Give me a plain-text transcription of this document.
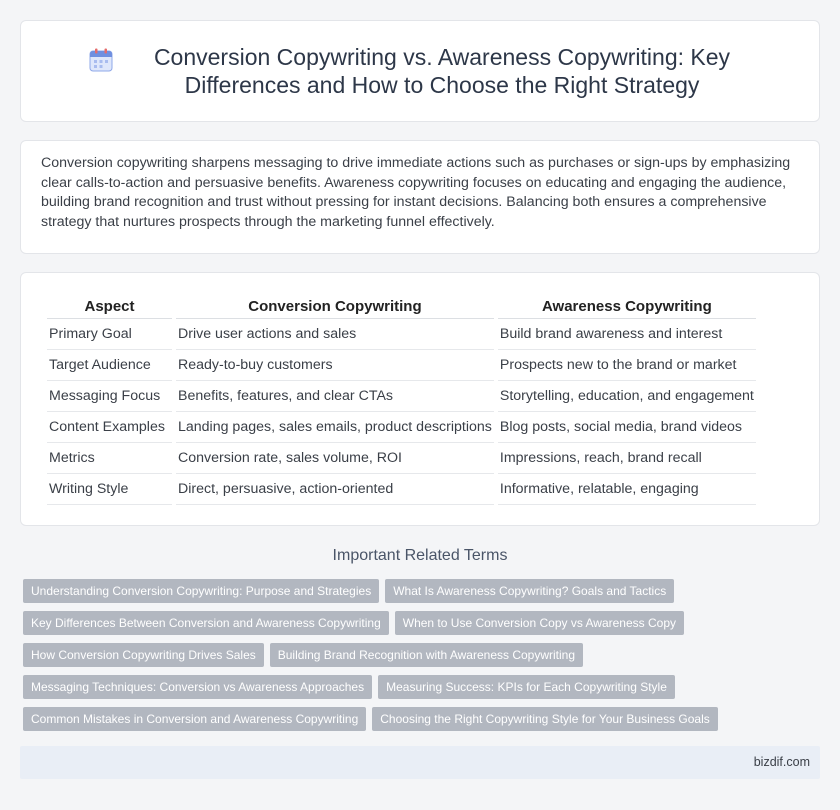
Conversion Copywriting vs. Awareness Copywriting: Key Differences and How to Choose the Right Strategy

Conversion copywriting sharpens messaging to drive immediate actions such as purchases or sign-ups by emphasizing clear calls-to-action and persuasive benefits. Awareness copywriting focuses on educating and engaging the audience, building brand recognition and trust without pressing for instant decisions. Balancing both ensures a comprehensive strategy that nurtures prospects through the marketing funnel effectively.

Aspect	Conversion Copywriting	Awareness Copywriting
Primary Goal	Drive user actions and sales	Build brand awareness and interest
Target Audience	Ready-to-buy customers	Prospects new to the brand or market
Messaging Focus	Benefits, features, and clear CTAs	Storytelling, education, and engagement
Content Examples	Landing pages, sales emails, product descriptions	Blog posts, social media, brand videos
Metrics	Conversion rate, sales volume, ROI	Impressions, reach, brand recall
Writing Style	Direct, persuasive, action-oriented	Informative, relatable, engaging
Important Related Terms
Understanding Conversion Copywriting: Purpose and Strategies	What Is Awareness Copywriting? Goals and Tactics
Key Differences Between Conversion and Awareness Copywriting	When to Use Conversion Copy vs Awareness Copy
How Conversion Copywriting Drives Sales	Building Brand Recognition with Awareness Copywriting
Messaging Techniques: Conversion vs Awareness Approaches	Measuring Success: KPIs for Each Copywriting Style
Common Mistakes in Conversion and Awareness Copywriting	Choosing the Right Copywriting Style for Your Business Goals
bizdif.com
